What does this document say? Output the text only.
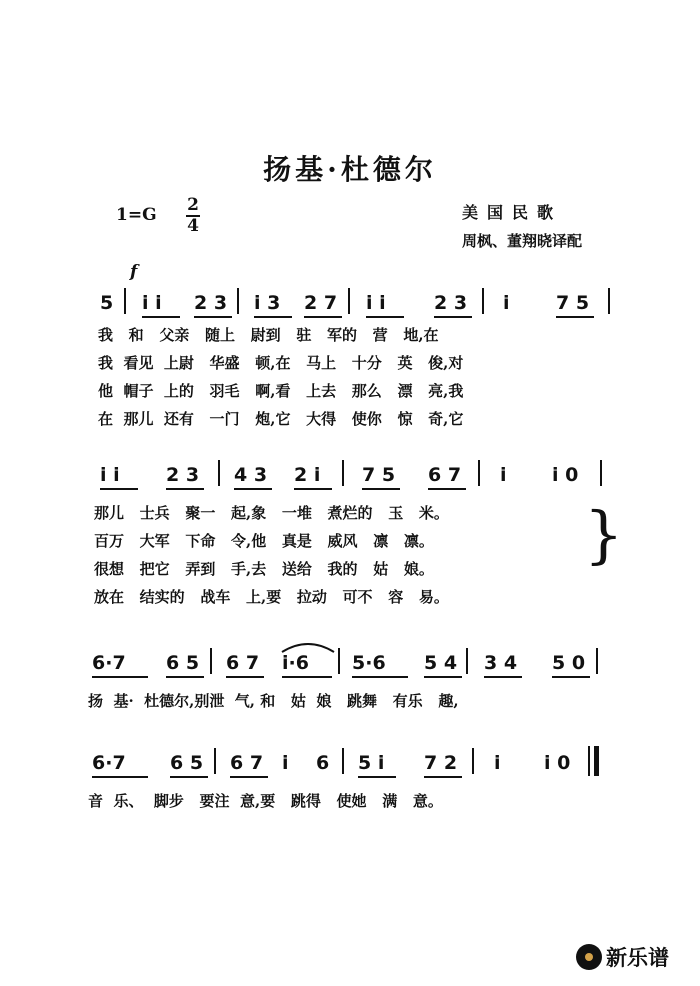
扬基·杜德尔
1=G 2
4
美国民歌
周枫、董翔晓译配
f
5 i i 2 3 i 3 2 7 i i	2 3 i 7 5
我   和   父亲   随上   尉到   驻   军的   营   地,在
我  看见  上尉   华盛   顿,在   马上   十分   英   俊,对
他  帽子  上的   羽毛   啊,看   上去   那么   漂   亮,我
在  那儿  还有   一门   炮,它   大得   使你   惊   奇,它
i i 2 3 4 3 2 i 7 5 6 7 i i 0
那儿   士兵   聚一   起,象   一堆   煮烂的   玉   米。
百万   大军   下命   令,他   真是   威风   凛   凛。
很想   把它   弄到   手,去   送给   我的   姑   娘。
放在   结实的   战车   上,要   拉动   可不   容   易。
}
6·7 6 5 6 7 i·6 5·6 5 4 3 4 5 0
扬  基·  杜德尔,别泄  气, 和   姑  娘   跳舞   有乐   趣,
6·7 6 5 6 7 i 6 5 i 7 2 i i 0
音  乐、  脚步   要注  意,要   跳得   使她   满   意。
新乐谱
